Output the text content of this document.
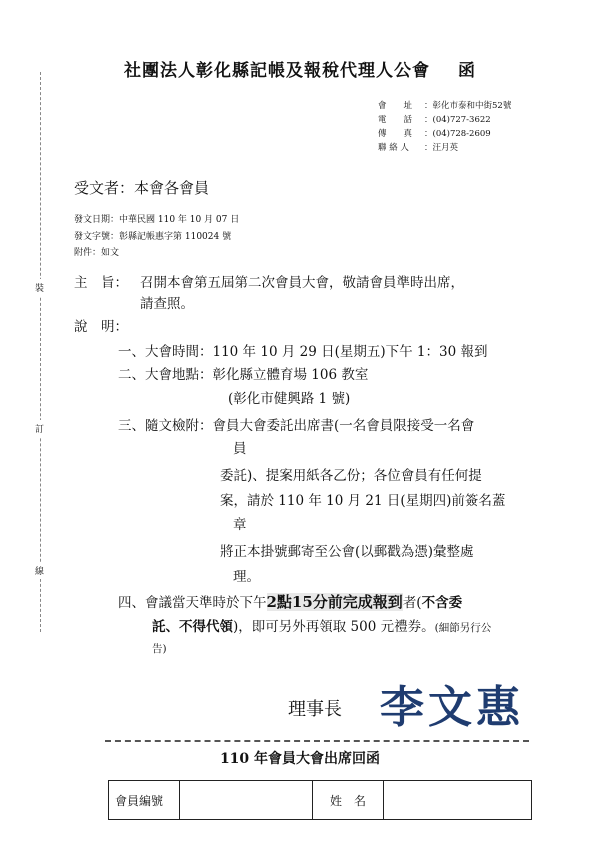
社團法人彰化縣記帳及報稅代理人公會 函
會　　址 ：彰化市泰和中街52號
電　　話 ：(04)727-3622
傳　　真 ：(04)728-2609
聯 絡 人 ：汪月英
受文者：本會各會員
發文日期：中華民國 110 年 10 月 07 日
發文字號：彰縣記帳惠字第 110024 號
附件：如文
裝
訂
線
主　旨： 召開本會第五屆第二次會員大會，敬請會員準時出席，
請查照。
說　明：
一、大會時間：110 年 10 月 29 日(星期五)下午 1：30 報到
二、大會地點：彰化縣立體育場 106 教室
(彰化市健興路 1 號)
三、隨文檢附：會員大會委託出席書(一名會員限接受一名會
員
委託)、提案用紙各乙份；各位會員有任何提
案，請於 110 年 10 月 21 日(星期四)前簽名蓋
章
將正本掛號郵寄至公會(以郵戳為憑)彙整處
理。
四、會議當天準時於下午2點15分前完成報到者(不含委
託、不得代領)，即可另外再領取 500 元禮券。(細節另行公
告)
理事長 李文惠
110 年會員大會出席回函
會員編號		姓　名	
